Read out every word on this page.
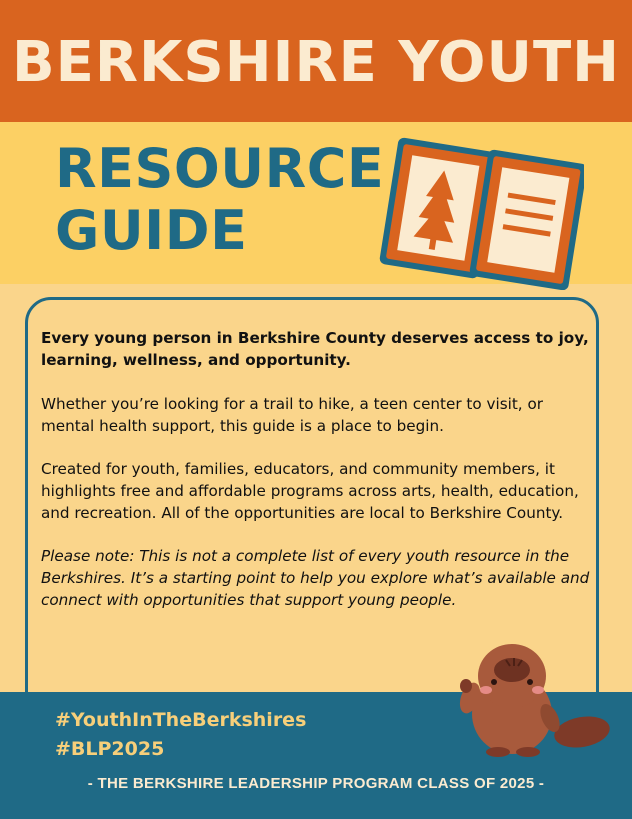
BERKSHIRE YOUTH
RESOURCE
GUIDE

Every young person in Berkshire County deserves access to joy, learning, wellness, and opportunity.

Whether you’re looking for a trail to hike, a teen center to visit, or mental health support, this guide is a place to begin.

Created for youth, families, educators, and community members, it highlights free and affordable programs across arts, health, education, and recreation. All of the opportunities are local to Berkshire County.

Please note: This is not a complete list of every youth resource in the Berkshires. It’s a starting point to help you explore what’s available and connect with opportunities that support young people.

#YouthInTheBerkshires

#BLP2025

- THE BERKSHIRE LEADERSHIP PROGRAM CLASS OF 2025 -
